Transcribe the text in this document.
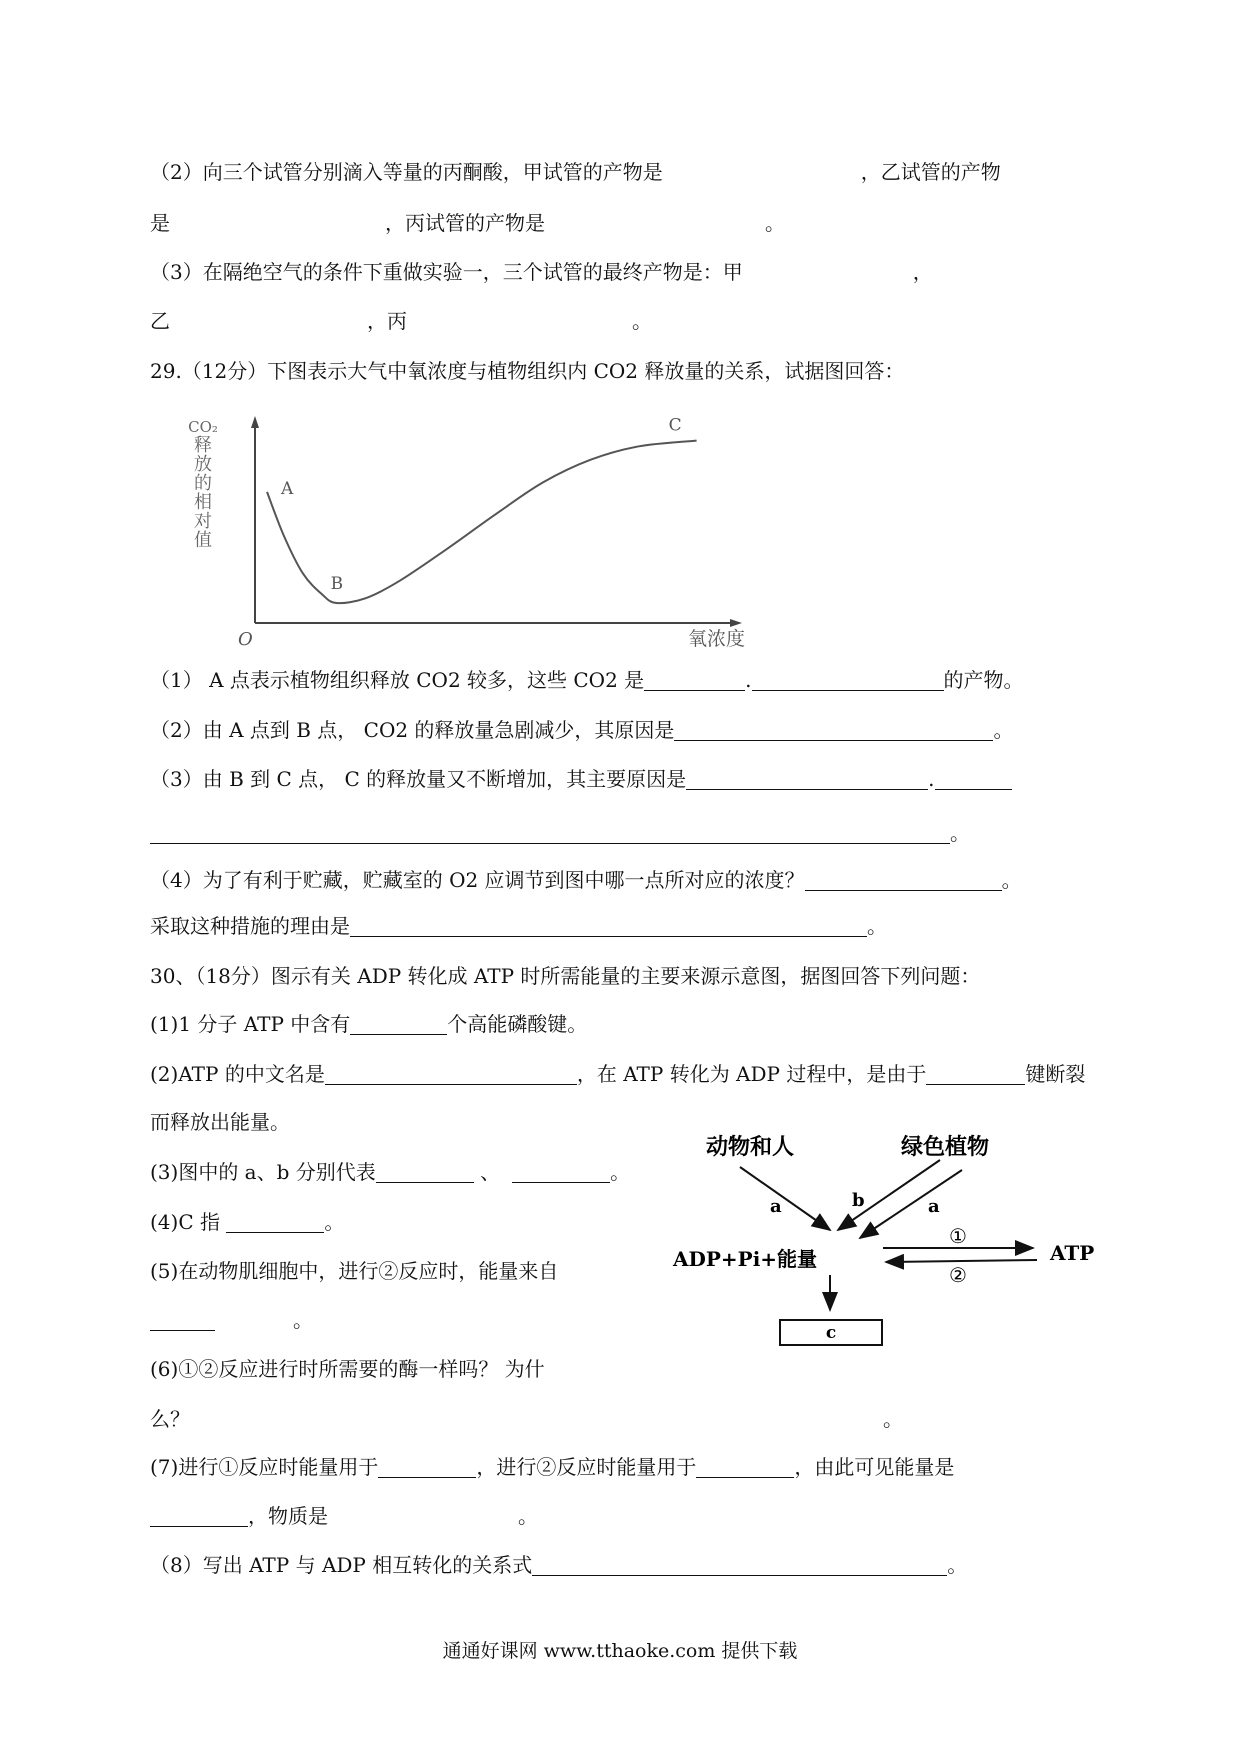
（2）向三个试管分别滴入等量的丙酮酸，甲试管的产物是	，乙试管的产物
是	，丙试管的产物是	。
（3）在隔绝空气的条件下重做实验一，三个试管的最终产物是：甲	，
乙	，丙	。
29.（12分）下图表示大气中氧浓度与植物组织内 CO2 释放量的关系，试据图回答：
CO₂
释
放
的
相
对
值
O	氧浓度
A
B
C
（1） A 点表示植物组织释放 CO2 较多，这些 CO2 是	.	的产物。
（2）由 A 点到 B 点， CO2 的释放量急剧减少，其原因是	。
（3）由 B 到 C 点， C 的释放量又不断增加，其主要原因是	.
。
（4）为了有利于贮藏，贮藏室的 O2 应调节到图中哪一点所对应的浓度？	。
采取这种措施的理由是	。
30、（18分）图示有关 ADP 转化成 ATP 时所需能量的主要来源示意图，据图回答下列问题：
(1)1 分子 ATP 中含有	个高能磷酸键。
(2)ATP 的中文名是	，在 ATP 转化为 ADP 过程中，是由于	键断裂
而释放出能量。
(3)图中的 a、b 分别代表	、	。
(4)C 指	。
(5)在动物肌细胞中，进行②反应时，能量来自
。
(6)①②反应进行时所需要的酶一样吗？ 为什
么？	。
(7)进行①反应时能量用于	，进行②反应时能量用于	，由此可见能量是
，物质是	。
（8）写出 ATP 与 ADP 相互转化的关系式	。
动物和人	绿色植物
a	b	a
ADP+Pi+能量	ATP
①
②
c
通通好课网 www.tthaoke.com 提供下载
